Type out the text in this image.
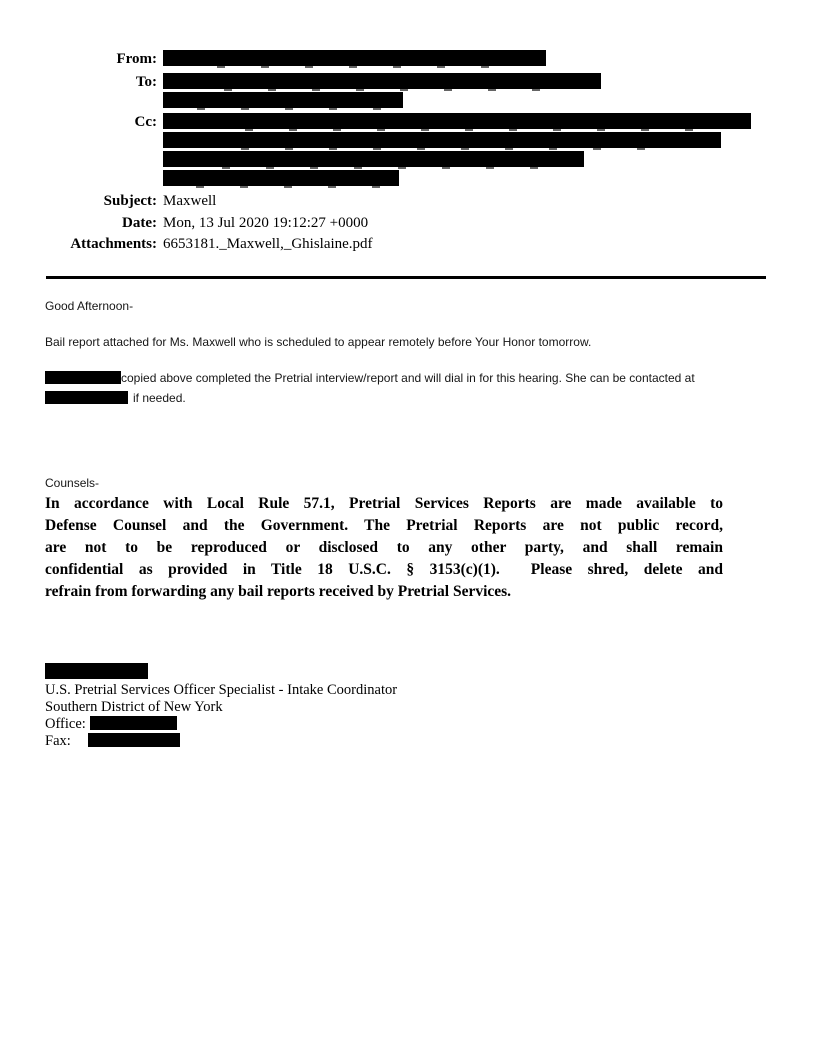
From:
To:
Cc:
Subject: Maxwell
Date: Mon, 13 Jul 2020 19:12:27 +0000
Attachments: 6653181._Maxwell,_Ghislaine.pdf

Good Afternoon-

Bail report attached for Ms. Maxwell who is scheduled to appear remotely before Your Honor tomorrow.

copied above completed the Pretrial interview/report and will dial in for this hearing. She can be contacted at
if needed.

Counsels-

In accordance with Local Rule 57.1, Pretrial Services Reports are made available to
Defense Counsel and the Government. The Pretrial Reports are not public record,
are not to be reproduced or disclosed to any other party, and shall remain
confidential as provided in Title 18 U.S.C. § 3153(c)(1).  Please shred, delete and
refrain from forwarding any bail reports received by Pretrial Services.
U.S. Pretrial Services Officer Specialist - Intake Coordinator
Southern District of New York
Office:
Fax:
